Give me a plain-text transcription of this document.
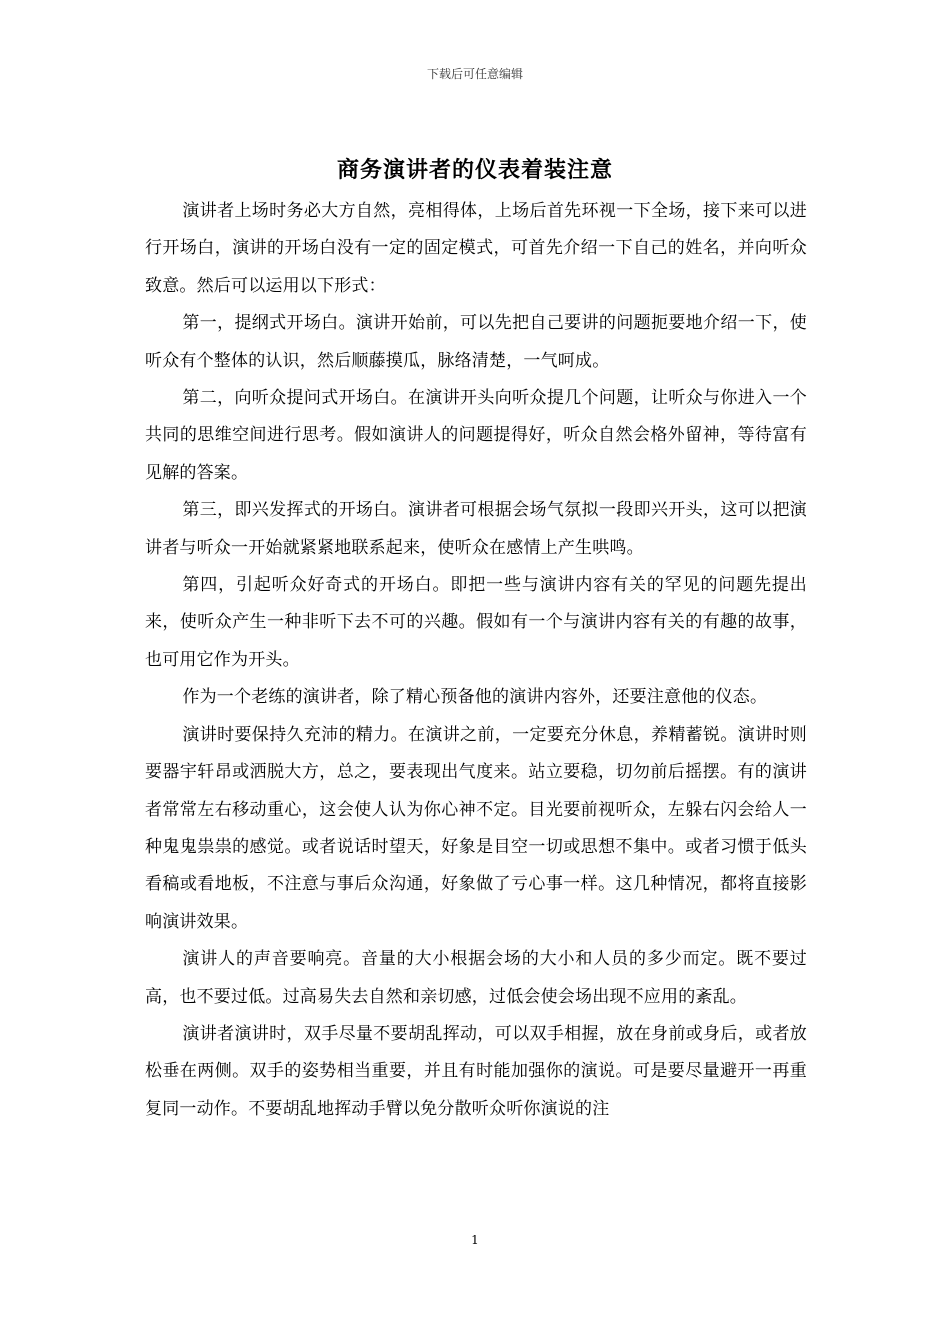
下载后可任意编辑
商务演讲者的仪表着装注意

演讲者上场时务必大方自然，亮相得体，上场后首先环视一下全场，接下来可以进行开场白，演讲的开场白没有一定的固定模式，可首先介绍一下自己的姓名，并向听众致意。然后可以运用以下形式：

第一，提纲式开场白。演讲开始前，可以先把自己要讲的问题扼要地介绍一下，使听众有个整体的认识，然后顺藤摸瓜，脉络清楚，一气呵成。

第二，向听众提问式开场白。在演讲开头向听众提几个问题，让听众与你进入一个共同的思维空间进行思考。假如演讲人的问题提得好，听众自然会格外留神，等待富有见解的答案。

第三，即兴发挥式的开场白。演讲者可根据会场气氛拟一段即兴开头，这可以把演讲者与听众一开始就紧紧地联系起来，使听众在感情上产生哄鸣。

第四，引起听众好奇式的开场白。即把一些与演讲内容有关的罕见的问题先提出来，使听众产生一种非听下去不可的兴趣。假如有一个与演讲内容有关的有趣的故事，也可用它作为开头。

作为一个老练的演讲者，除了精心预备他的演讲内容外，还要注意他的仪态。

演讲时要保持久充沛的精力。在演讲之前，一定要充分休息，养精蓄锐。演讲时则要器宇轩昂或洒脱大方，总之，要表现出气度来。站立要稳，切勿前后摇摆。有的演讲者常常左右移动重心，这会使人认为你心神不定。目光要前视听众，左躲右闪会给人一种鬼鬼祟祟的感觉。或者说话时望天，好象是目空一切或思想不集中。或者习惯于低头看稿或看地板，不注意与事后众沟通，好象做了亏心事一样。这几种情况，都将直接影响演讲效果。

演讲人的声音要响亮。音量的大小根据会场的大小和人员的多少而定。既不要过高，也不要过低。过高易失去自然和亲切感，过低会使会场出现不应用的紊乱。

演讲者演讲时，双手尽量不要胡乱挥动，可以双手相握，放在身前或身后，或者放松垂在两侧。双手的姿势相当重要，并且有时能加强你的演说。可是要尽量避开一再重复同一动作。不要胡乱地挥动手臂以免分散听众听你演说的注

1
